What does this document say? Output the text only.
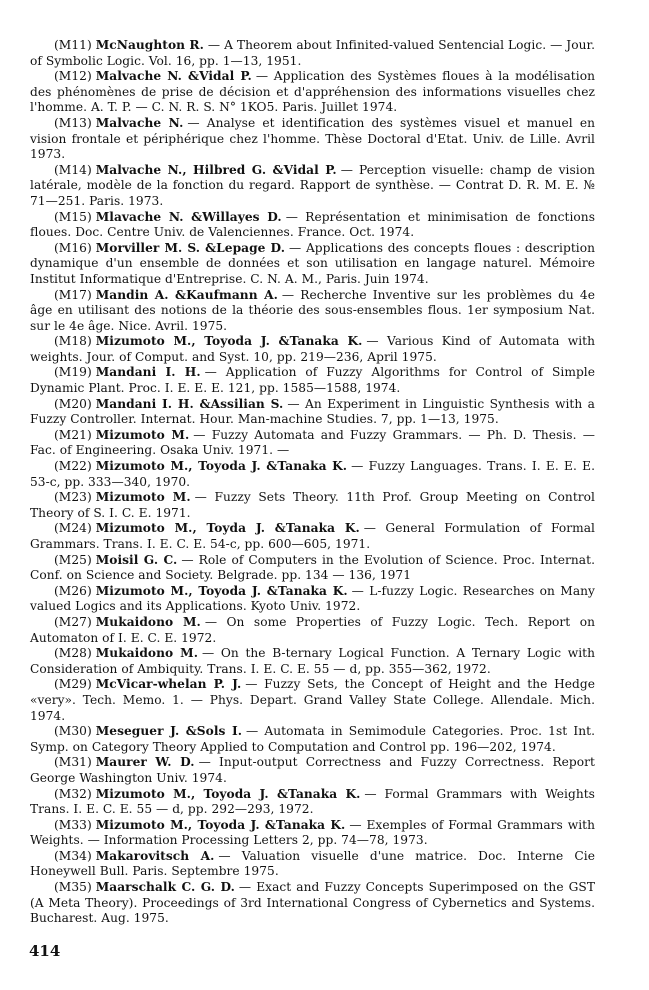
(M11) McNaughton R. — A Theorem about Infinited-valued Sentencial Logic. — Jour. of Symbolic Logic. Vol. 16, pp. 1—13, 1951.

(M12) Malvache N. &Vidal P. — Application des Systèmes floues à la modélisation des phénomènes de prise de décision et d'appréhension des informations visuelles chez l'homme. A. T. P. — C. N. R. S. N° 1KO5. Paris. Juillet 1974.

(M13) Malvache N. — Analyse et identification des systèmes visuel et manuel en vision frontale et périphérique chez l'homme. Thèse Doctoral d'Etat. Univ. de Lille. Avril 1973.

(M14) Malvache N., Hilbred G. &Vidal P. — Perception visuelle: champ de vision latérale, modèle de la fonction du regard. Rapport de synthèse. — Contrat D. R. M. E. № 71—251. Paris. 1973.

(M15) Mlavache N. &Willayes D. — Représentation et minimisation de fonctions floues. Doc. Centre Univ. de Valenciennes. France. Oct. 1974.

(M16) Morviller M. S. &Lepage D. — Applications des concepts floues : description dynamique d'un ensemble de données et son utilisation en langage naturel. Mémoire Institut Informatique d'Entreprise. C. N. A. M., Paris. Juin 1974.

(M17) Mandin A. &Kaufmann A. — Recherche Inventive sur les problèmes du 4e âge en utilisant des notions de la théorie des sous-ensembles flous. 1er symposium Nat. sur le 4e âge. Nice. Avril. 1975.

(M18) Mizumoto M., Toyoda J. &Tanaka K. — Various Kind of Automata with weights. Jour. of Comput. and Syst. 10, pp. 219—236, April 1975.

(M19) Mandani I. H. — Application of Fuzzy Algorithms for Control of Simple Dynamic Plant. Proc. I. E. E. E. 121, pp. 1585—1588, 1974.

(M20) Mandani I. H. &Assilian S. — An Experiment in Linguistic Synthesis with a Fuzzy Controller. Internat. Hour. Man-machine Studies. 7, pp. 1—13, 1975.

(M21) Mizumoto M. — Fuzzy Automata and Fuzzy Grammars. — Ph. D. Thesis. — Fac. of Engineering. Osaka Univ. 1971. —

(M22) Mizumoto M., Toyoda J. &Tanaka K. — Fuzzy Languages. Trans. I. E. E. E. 53-c, pp. 333—340, 1970.

(M23) Mizumoto M. — Fuzzy Sets Theory. 11th Prof. Group Meeting on Control Theory of S. I. C. E. 1971.

(M24) Mizumoto M., Toyda J. &Tanaka K. — General Formulation of Formal Grammars. Trans. I. E. C. E. 54-c, pp. 600—605, 1971.

(M25) Moisil G. C. — Role of Computers in the Evolution of Science. Proc. Internat. Conf. on Science and Society. Belgrade. pp. 134 — 136, 1971

(M26) Mizumoto M., Toyoda J. &Tanaka K. — L-fuzzy Logic. Researches on Many valued Logics and its Applications. Kyoto Univ. 1972.

(M27) Mukaidono M. — On some Properties of Fuzzy Logic. Tech. Report on Automaton of I. E. C. E. 1972.

(M28) Mukaidono M. — On the B-ternary Logical Function. A Ternary Logic with Consideration of Ambiquity. Trans. I. E. C. E. 55 — d, pp. 355—362, 1972.

(M29) McVicar-whelan P. J. — Fuzzy Sets, the Concept of Height and the Hedge «very». Tech. Memo. 1. — Phys. Depart. Grand Valley State College. Allendale. Mich. 1974.

(M30) Meseguer J. &Sols I. — Automata in Semimodule Categories. Proc. 1st Int. Symp. on Category Theory Applied to Computation and Control pp. 196—202, 1974.

(M31) Maurer W. D. — Input-output Correctness and Fuzzy Correctness. Report George Washington Univ. 1974.

(M32) Mizumoto M., Toyoda J. &Tanaka K. — Formal Grammars with Weights Trans. I. E. C. E. 55 — d, pp. 292—293, 1972.

(M33) Mizumoto M., Toyoda J. &Tanaka K. — Exemples of Formal Grammars with Weights. — Information Processing Letters 2, pp. 74—78, 1973.

(M34) Makarovitsch A. — Valuation visuelle d'une matrice. Doc. Interne Cie Honeywell Bull. Paris. Septembre 1975.

(M35) Maarschalk C. G. D. — Exact and Fuzzy Concepts Superimposed on the GST (A Meta Theory). Proceedings of 3rd International Congress of Cybernetics and Systems. Bucharest. Aug. 1975.

414
